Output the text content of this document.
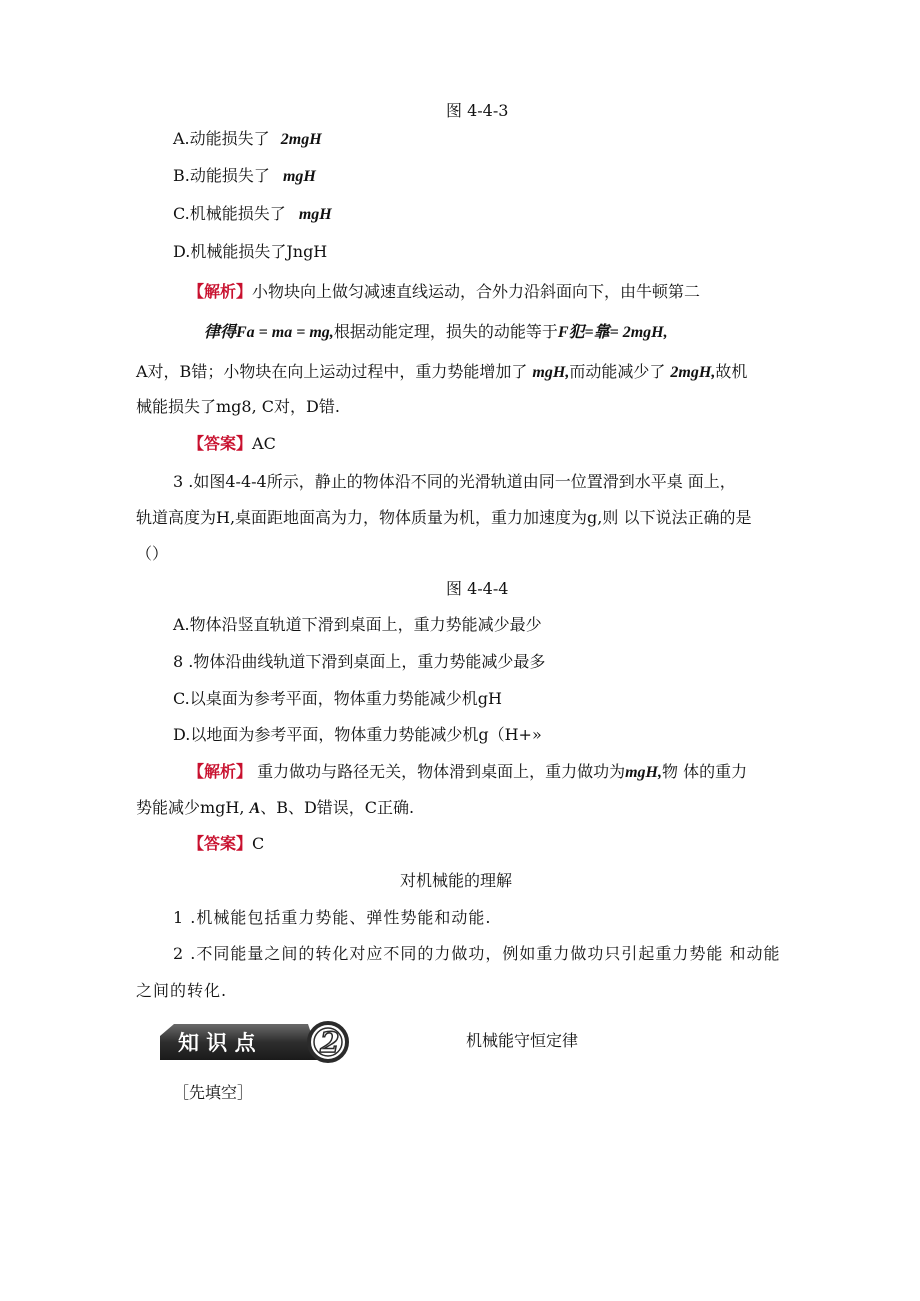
图 4-4-3
A.动能损失了 2mgH
B.动能损失了 mgH
C.机械能损失了 mgH
D.机械能损失了JngH
【解析】小物块向上做匀减速直线运动，合外力沿斜面向下，由牛顿第二
律得Fa = ma = mg,根据动能定理，损失的动能等于F犯=靠= 2mgH,
A对，B错；小物块在向上运动过程中，重力势能增加了 mgH,而动能减少了 2mgH,故机
械能损失了mg8, C对，D错.
【答案】AC
3 .如图4-4-4所示，静止的物体沿不同的光滑轨道由同一位置滑到水平桌 面上，
轨道高度为H,桌面距地面高为力，物体质量为机，重力加速度为g,则 以下说法正确的是
（）
图 4-4-4
A.物体沿竖直轨道下滑到桌面上，重力势能减少最少
8 .物体沿曲线轨道下滑到桌面上，重力势能减少最多
C.以桌面为参考平面，物体重力势能减少机gH
D.以地面为参考平面，物体重力势能减少机g（H+»
【解析】 重力做功与路径无关，物体滑到桌面上，重力做功为mgH,物 体的重力
势能减少mgH, A、B、D错误，C正确.
【答案】C
对机械能的理解
1 .机械能包括重力势能、弹性势能和动能.
2 .不同能量之间的转化对应不同的力做功，例如重力做功只引起重力势能 和动能
之间的转化.
知 识 点 2	机械能守恒定律
［先填空］
